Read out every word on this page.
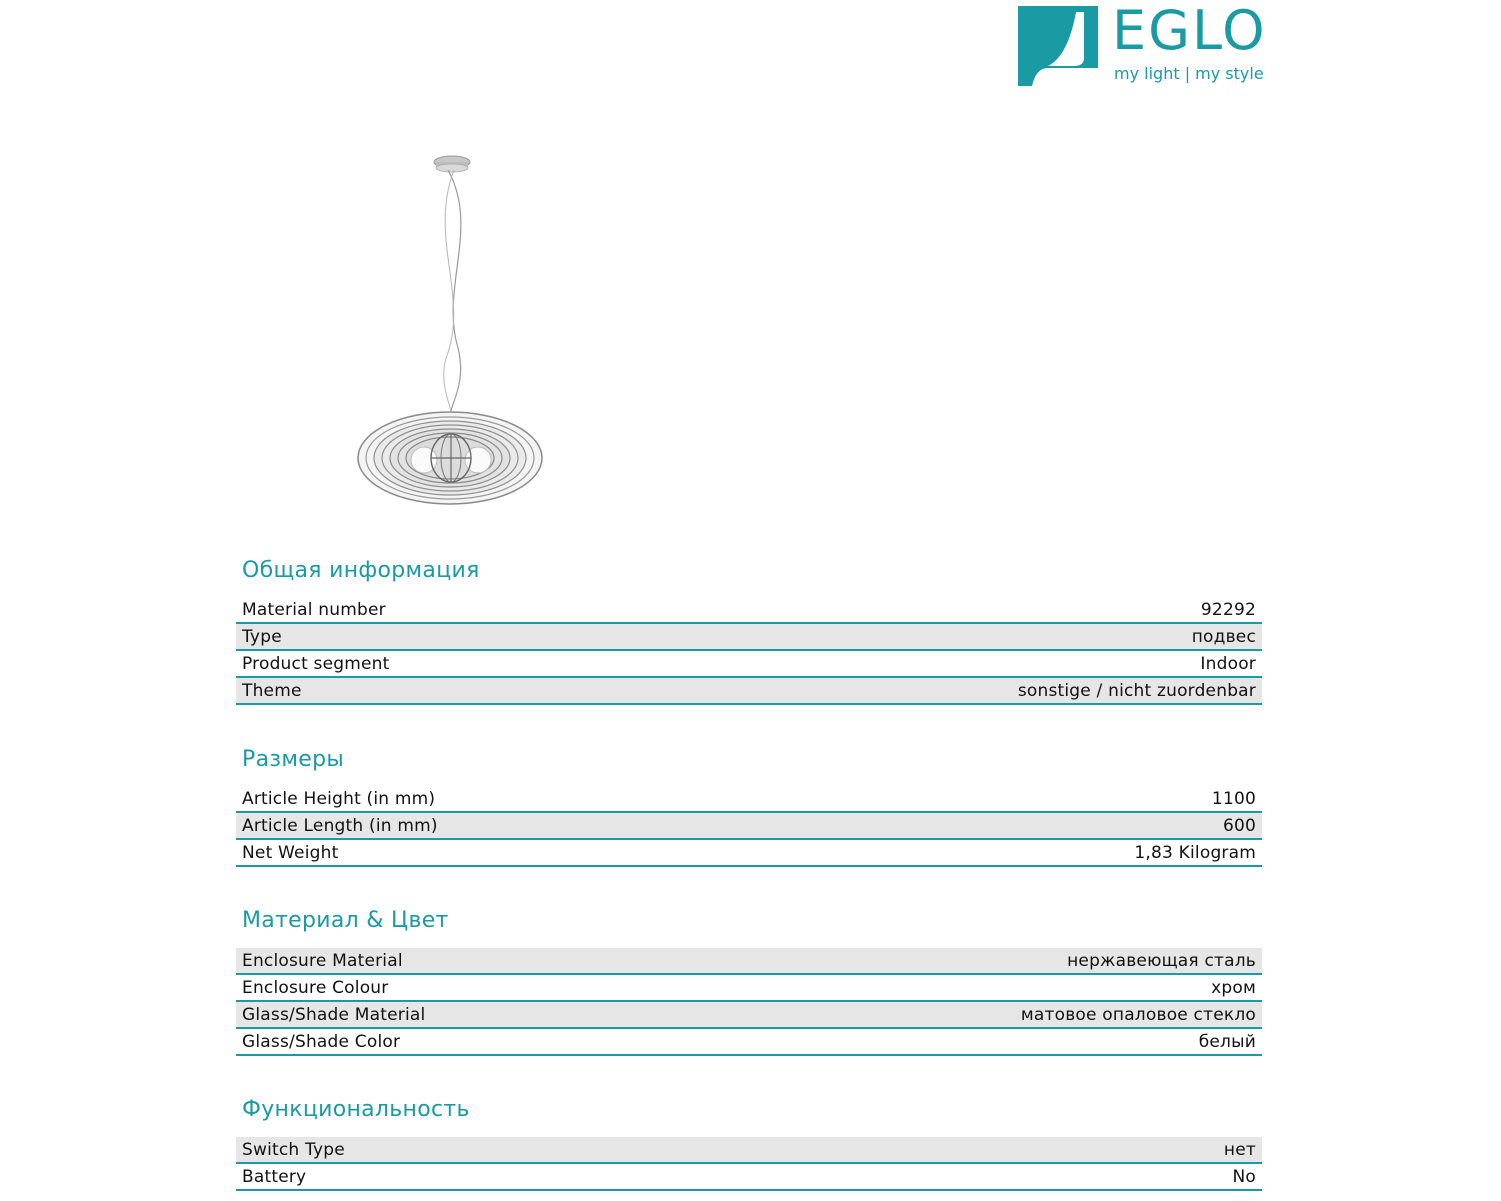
EGLO
my light | my style
Общая информация
Material number	92292
Type	подвес
Product segment	Indoor
Theme	sonstige / nicht zuordenbar
Размеры
Article Height (in mm)	1100
Article Length (in mm)	600
Net Weight	1,83 Kilogram
Материал & Цвет
Enclosure Material	нержавеющая сталь
Enclosure Colour	хром
Glass/Shade Material	матовое опаловое стекло
Glass/Shade Color	белый
Функциональность
Switch Type	нет
Battery	No
